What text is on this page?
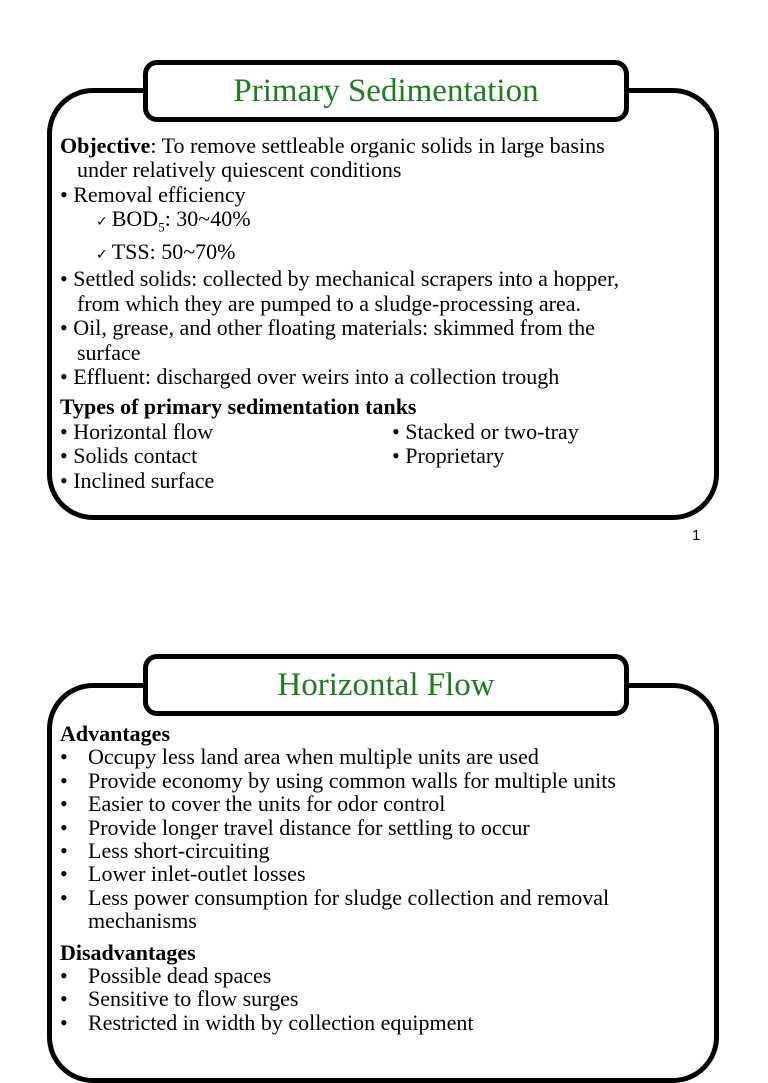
Primary Sedimentation
Objective: To remove settleable organic solids in large basins
under relatively quiescent conditions
• Removal efficiency
✓ $BOD_5$: 30~40%
✓ TSS: 50~70%
• Settled solids: collected by mechanical scrapers into a hopper,
from which they are pumped to a sludge-processing area.
• Oil, grease, and other floating materials: skimmed from the
surface
• Effluent: discharged over weirs into a collection trough
Types of primary sedimentation tanks
• Horizontal flow
• Solids contact
• Inclined surface
• Stacked or two-tray
• Proprietary
1
Horizontal Flow
Advantages
• Occupy less land area when multiple units are used
• Provide economy by using common walls for multiple units
• Easier to cover the units for odor control
• Provide longer travel distance for settling to occur
• Less short-circuiting
• Lower inlet-outlet losses
• Less power consumption for sludge collection and removal
mechanisms
Disadvantages
• Possible dead spaces
• Sensitive to flow surges
• Restricted in width by collection equipment
